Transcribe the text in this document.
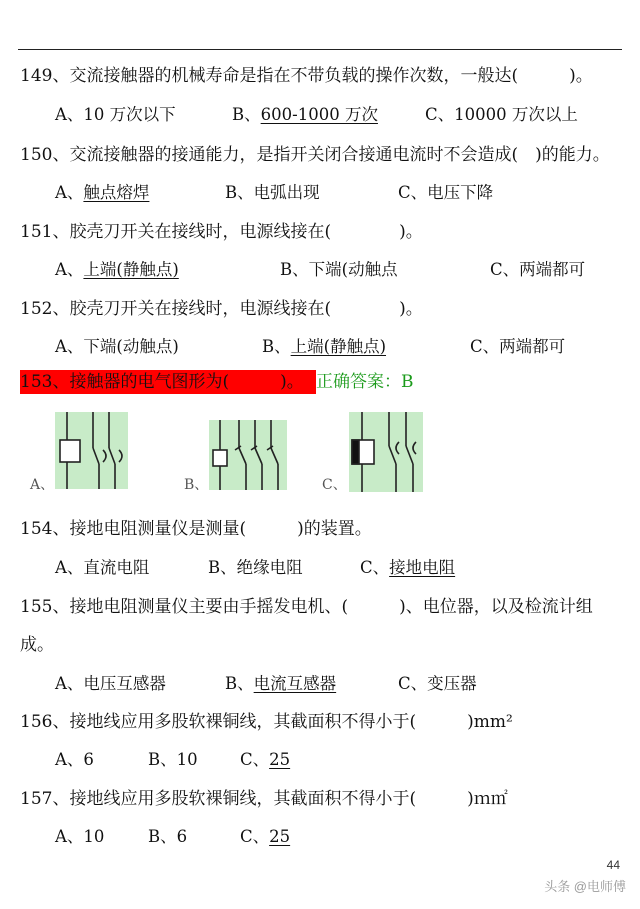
149、交流接触器的机械寿命是指在不带负载的操作次数，一般达(　　　)。
A、10 万次以下	B、600-1000 万次	C、10000 万次以上
150、交流接触器的接通能力，是指开关闭合接通电流时不会造成(　)的能力。
A、触点熔焊	B、电弧出现	C、电压下降
151、胶壳刀开关在接线时，电源线接在(　　　　)。
A、上端(静触点)	B、下端(动触点	C、两端都可
152、胶壳刀开关在接线时，电源线接在(　　　　)。
A、下端(动触点)	B、上端(静触点)	C、两端都可
153、接触器的电气图形为(　　　)。 正确答案：B
A、	B、	C、
154、接地电阻测量仪是测量(　　　)的装置。
A、直流电阻	B、绝缘电阻	C、接地电阻
155、接地电阻测量仪主要由手摇发电机、(　　　)、电位器，以及检流计组
成。
A、电压互感器	B、电流互感器	C、变压器
156、接地线应用多股软裸铜线，其截面积不得小于(　　　)mm²
A、6	B、10	C、25
157、接地线应用多股软裸铜线，其截面积不得小于(　　　)ｍ㎡
A、10	B、6	C、25
44
头条 @电师傅
